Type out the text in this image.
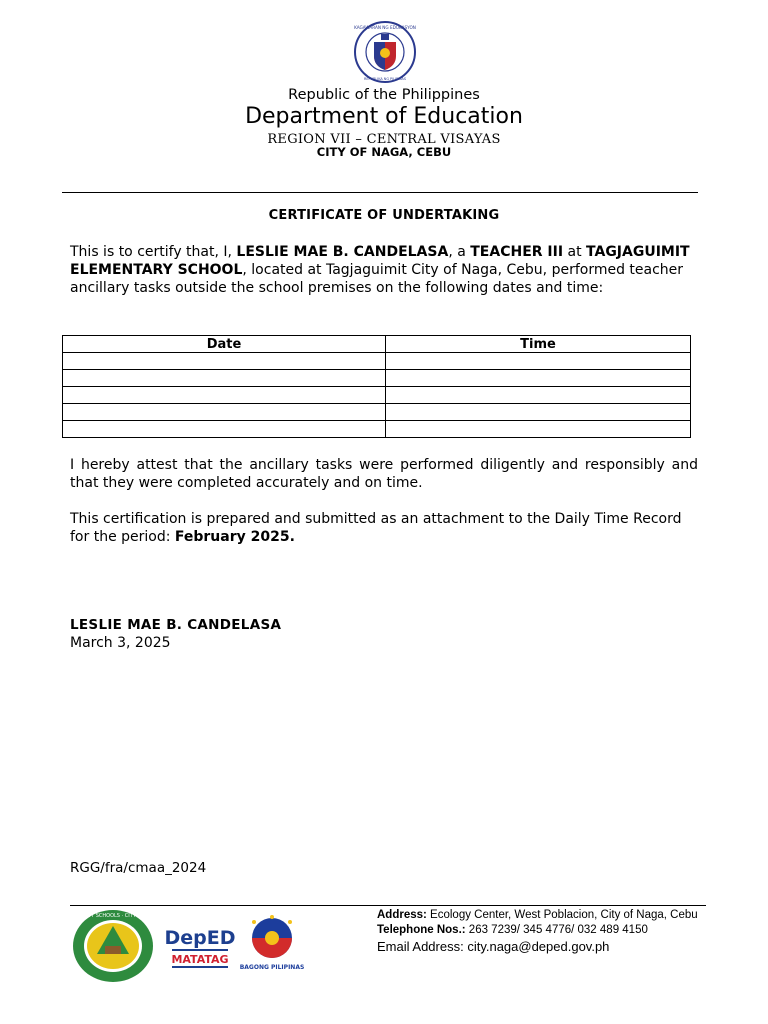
KAGAWARAN NG EDUKASYON
REPUBLIKA NG PILIPINAS
Republic of the Philippines
Department of Education
REGION VII – CENTRAL VISAYAS
CITY OF NAGA, CEBU
CERTIFICATE OF UNDERTAKING
This is to certify that, I, LESLIE MAE B. CANDELASA, a TEACHER III at TAGJAGUIMIT ELEMENTARY SCHOOL, located at Tagjaguimit City of Naga, Cebu, performed teacher ancillary tasks outside the school premises on the following dates and time:
Date	Time

I hereby attest that the ancillary tasks were performed diligently and responsibly and that they were completed accurately and on time.
This certification is prepared and submitted as an attachment to the Daily Time Record for the period: February 2025.
LESLIE MAE B. CANDELASA
March 3, 2025
RGG/fra/cmaa_2024
DIVISION OF CITY SCHOOLS · CITY OF NAGA CEBU
DepED
MATATAG
BAGONG PILIPINAS
Address: Ecology Center, West Poblacion, City of Naga, Cebu
Telephone Nos.: 263 7239/ 345 4776/ 032 489 4150
Email Address: city.naga@deped.gov.ph
